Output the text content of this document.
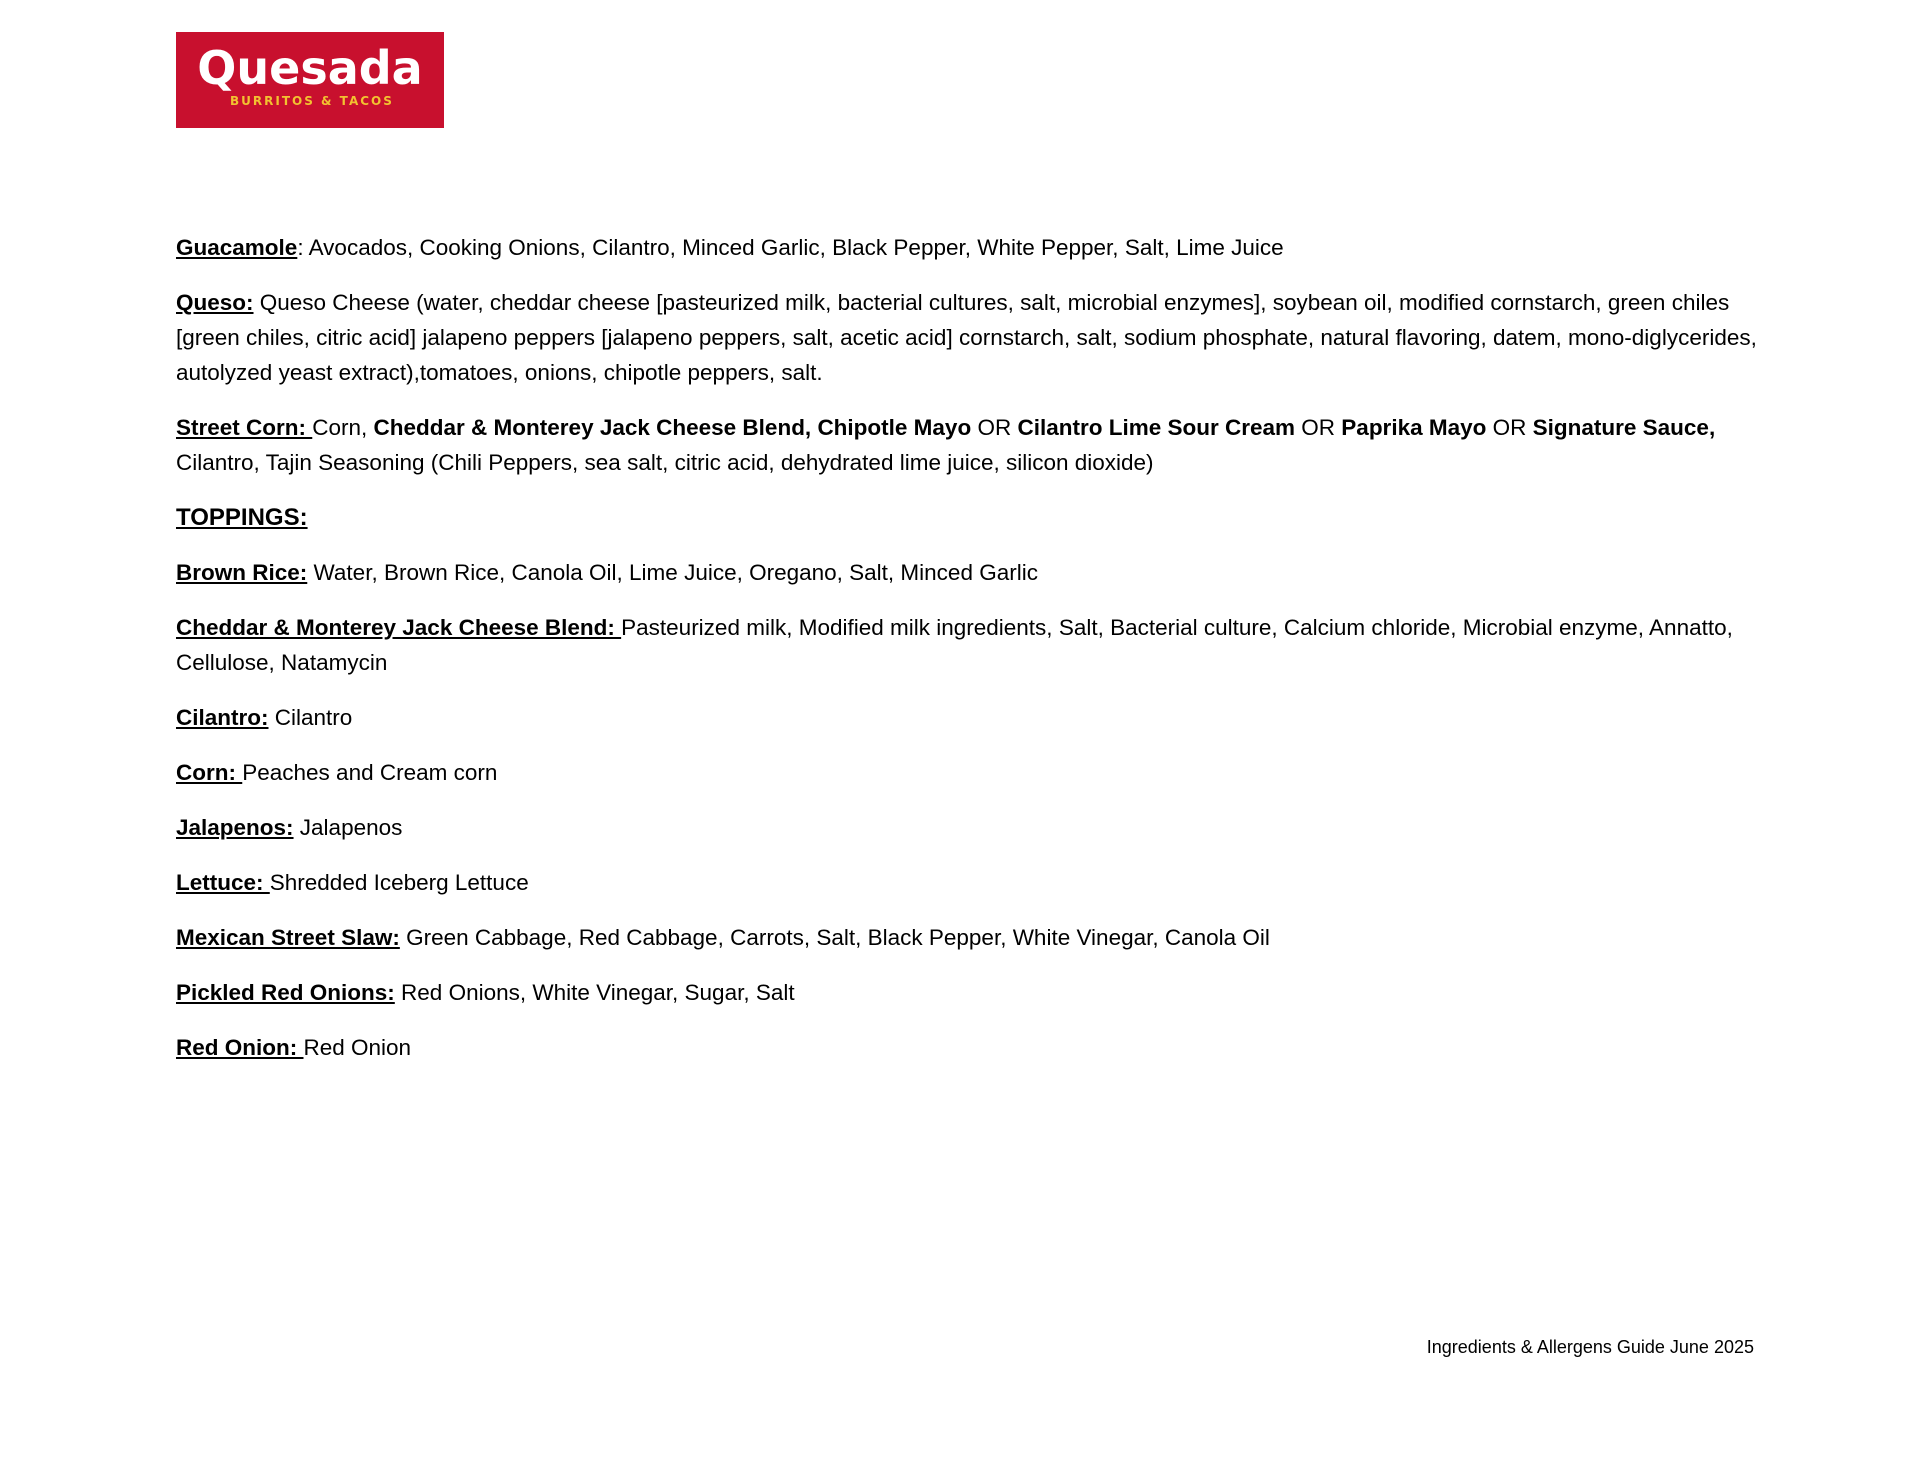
Quesada
BURRITOS & TACOS

Guacamole: Avocados, Cooking Onions, Cilantro, Minced Garlic, Black Pepper, White Pepper, Salt, Lime Juice

Queso: Queso Cheese (water, cheddar cheese [pasteurized milk, bacterial cultures, salt, microbial enzymes], soybean oil, modified cornstarch, green chiles [green chiles, citric acid] jalapeno peppers [jalapeno peppers, salt, acetic acid] cornstarch, salt, sodium phosphate, natural flavoring, datem, mono-diglycerides, autolyzed yeast extract),tomatoes, onions, chipotle peppers, salt.

Street Corn: Corn, Cheddar & Monterey Jack Cheese Blend, Chipotle Mayo OR Cilantro Lime Sour Cream OR Paprika Mayo OR Signature Sauce, Cilantro, Tajin Seasoning (Chili Peppers, sea salt, citric acid, dehydrated lime juice, silicon dioxide)

TOPPINGS:

Brown Rice: Water, Brown Rice, Canola Oil, Lime Juice, Oregano, Salt, Minced Garlic

Cheddar & Monterey Jack Cheese Blend: Pasteurized milk, Modified milk ingredients, Salt, Bacterial culture, Calcium chloride, Microbial enzyme, Annatto, Cellulose, Natamycin

Cilantro: Cilantro

Corn: Peaches and Cream corn

Jalapenos: Jalapenos

Lettuce: Shredded Iceberg Lettuce

Mexican Street Slaw: Green Cabbage, Red Cabbage, Carrots, Salt, Black Pepper, White Vinegar, Canola Oil

Pickled Red Onions: Red Onions, White Vinegar, Sugar, Salt

Red Onion: Red Onion

Ingredients & Allergens Guide June 2025
